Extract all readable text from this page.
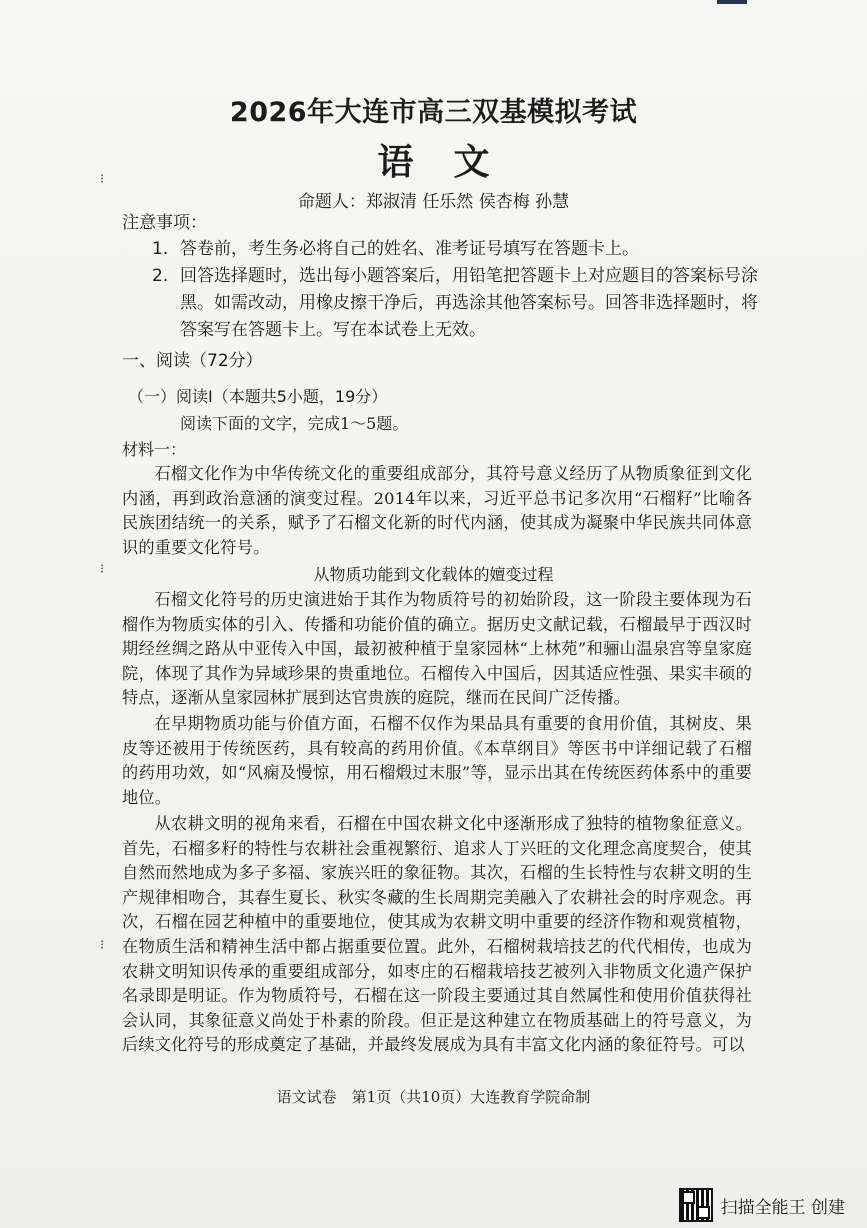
2026年大连市高三双基模拟考试
语文
命题人：郑淑清 任乐然 侯杏梅 孙慧
注意事项：
1. 答卷前，考生务必将自己的姓名、准考证号填写在答题卡上。
2. 回答选择题时，选出每小题答案后，用铅笔把答题卡上对应题目的答案标号涂黑。如需改动，用橡皮擦干净后，再选涂其他答案标号。回答非选择题时，将答案写在答题卡上。写在本试卷上无效。
一、阅读（72分）
（一）阅读Ⅰ（本题共5小题，19分）
阅读下面的文字，完成1～5题。
材料一：
石榴文化作为中华传统文化的重要组成部分，其符号意义经历了从物质象征到文化内涵，再到政治意涵的演变过程。2014年以来，习近平总书记多次用“石榴籽”比喻各民族团结统一的关系，赋予了石榴文化新的时代内涵，使其成为凝聚中华民族共同体意识的重要文化符号。
从物质功能到文化载体的嬗变过程
石榴文化符号的历史演进始于其作为物质符号的初始阶段，这一阶段主要体现为石榴作为物质实体的引入、传播和功能价值的确立。据历史文献记载，石榴最早于西汉时期经丝绸之路从中亚传入中国，最初被种植于皇家园林“上林苑”和骊山温泉宫等皇家庭院，体现了其作为异域珍果的贵重地位。石榴传入中国后，因其适应性强、果实丰硕的特点，逐渐从皇家园林扩展到达官贵族的庭院，继而在民间广泛传播。
在早期物质功能与价值方面，石榴不仅作为果品具有重要的食用价值，其树皮、果皮等还被用于传统医药，具有较高的药用价值。《本草纲目》等医书中详细记载了石榴的药用功效，如“风痫及慢惊，用石榴煅过末服”等，显示出其在传统医药体系中的重要地位。
从农耕文明的视角来看，石榴在中国农耕文化中逐渐形成了独特的植物象征意义。首先，石榴多籽的特性与农耕社会重视繁衍、追求人丁兴旺的文化理念高度契合，使其自然而然地成为多子多福、家族兴旺的象征物。其次，石榴的生长特性与农耕文明的生产规律相吻合，其春生夏长、秋实冬藏的生长周期完美融入了农耕社会的时序观念。再次，石榴在园艺种植中的重要地位，使其成为农耕文明中重要的经济作物和观赏植物，在物质生活和精神生活中都占据重要位置。此外，石榴树栽培技艺的代代相传，也成为农耕文明知识传承的重要组成部分，如枣庄的石榴栽培技艺被列入非物质文化遗产保护名录即是明证。作为物质符号，石榴在这一阶段主要通过其自然属性和使用价值获得社会认同，其象征意义尚处于朴素的阶段。但正是这种建立在物质基础上的符号意义，为后续文化符号的形成奠定了基础，并最终发展成为具有丰富文化内涵的象征符号。可以
语文试卷　第1页（共10页）大连教育学院命制
⁝
⁝
⁝
扫描全能王 创建
